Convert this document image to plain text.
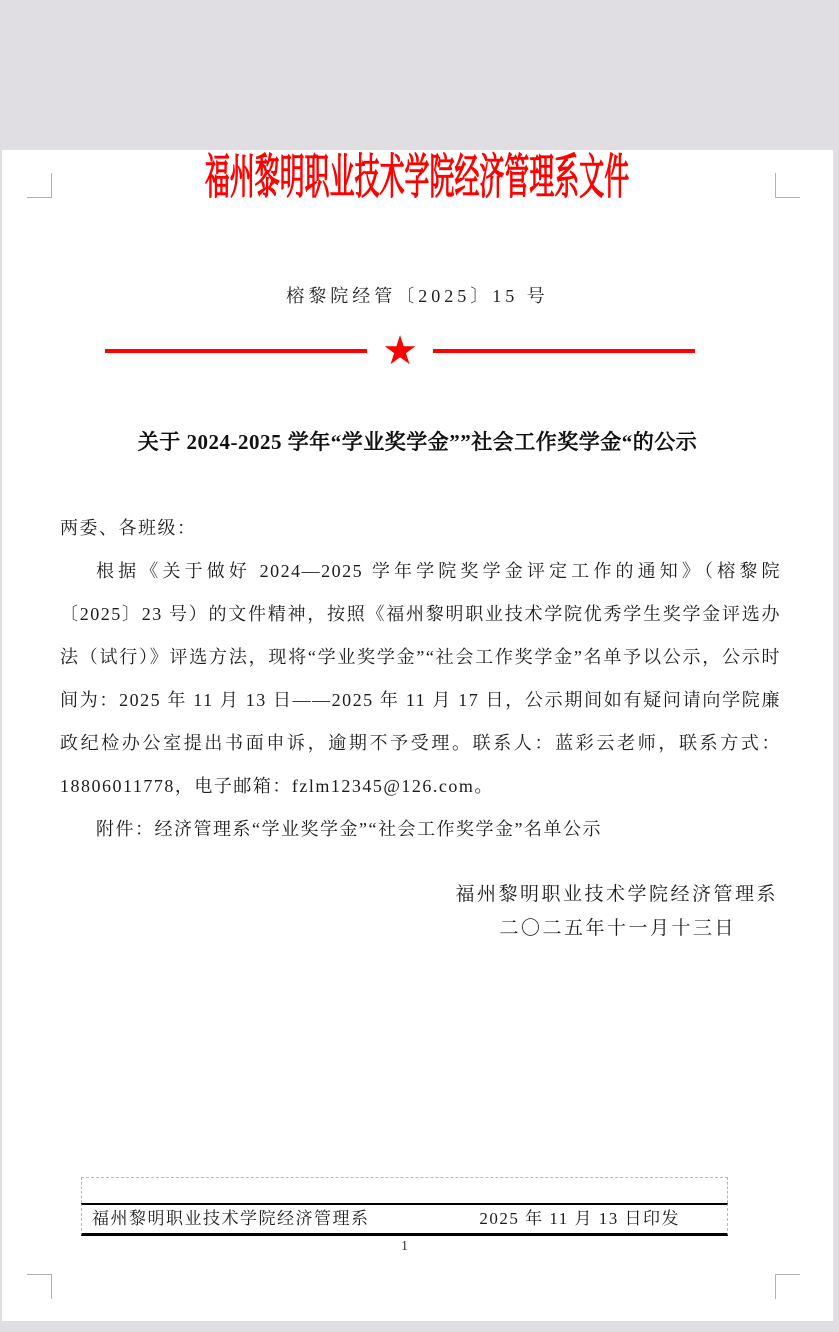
福州黎明职业技术学院经济管理系文件
榕黎院经管〔2025〕15 号
★
关于 2024-2025 学年“学业奖学金””社会工作奖学金“的公示
两委、各班级：
根据《关于做好 2024—2025 学年学院奖学金评定工作的通知》（榕黎院〔2025〕23 号）的文件精神，按照《福州黎明职业技术学院优秀学生奖学金评选办法（试行）》评选方法，现将“学业奖学金”“社会工作奖学金”名单予以公示，公示时间为：2025 年 11 月 13 日——2025 年 11 月 17 日，公示期间如有疑问请向学院廉政纪检办公室提出书面申诉，逾期不予受理。联系人：蓝彩云老师，联系方式：18806011778，电子邮箱：fzlm12345@126.com。
附件：经济管理系“学业奖学金”“社会工作奖学金”名单公示
福州黎明职业技术学院经济管理系
二〇二五年十一月十三日
福州黎明职业技术学院经济管理系	2025 年 11 月 13 日印发
1
